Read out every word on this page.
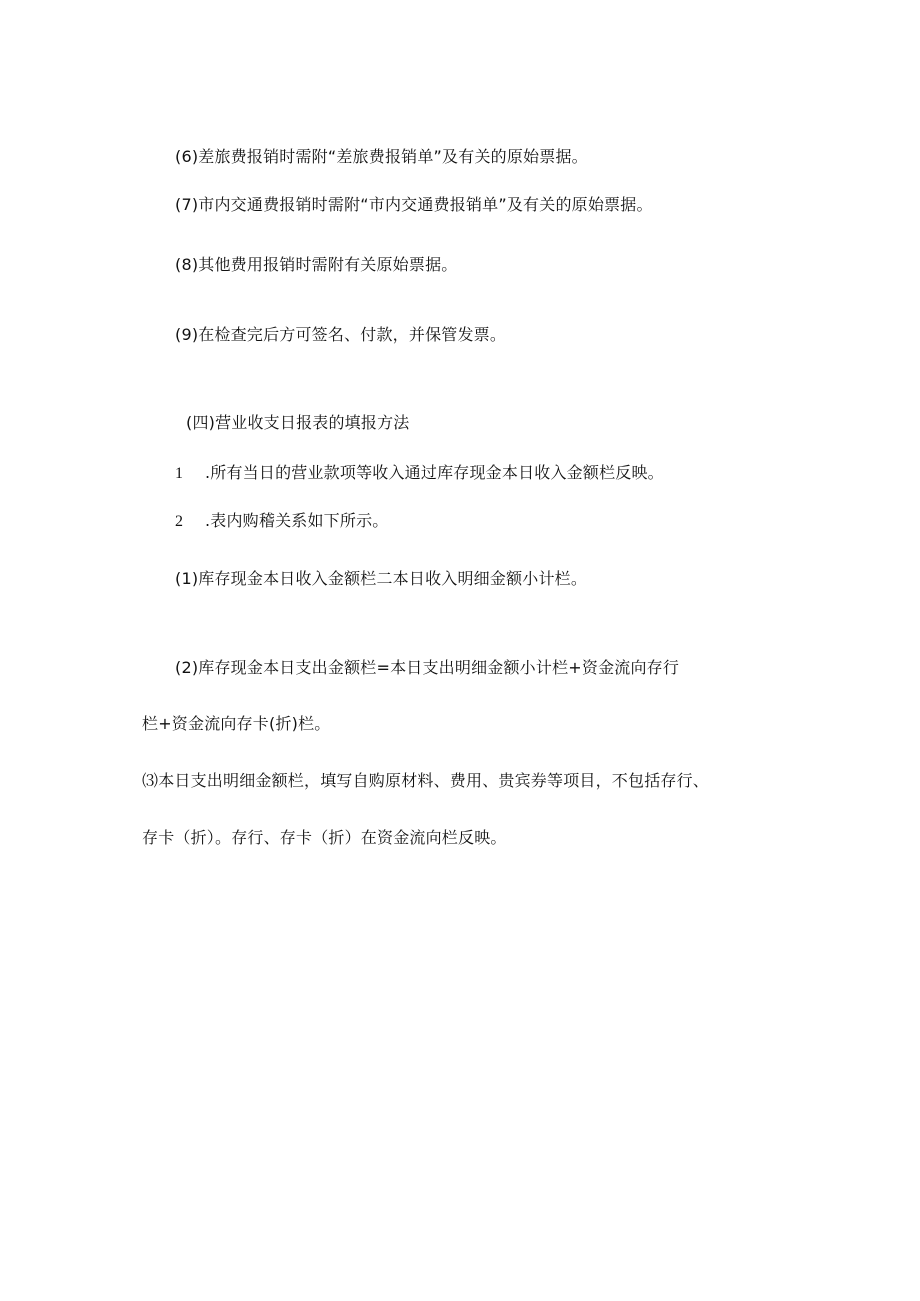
(6)差旅费报销时需附“差旅费报销单”及有关的原始票据。
(7)市内交通费报销时需附“市内交通费报销单”及有关的原始票据。
(8)其他费用报销时需附有关原始票据。
(9)在检查完后方可签名、付款，并保管发票。
(四)营业收支日报表的填报方法
1 .所有当日的营业款项等收入通过库存现金本日收入金额栏反映。
2 .表内购稽关系如下所示。
(1)库存现金本日收入金额栏二本日收入明细金额小计栏。
(2)库存现金本日支出金额栏=本日支出明细金额小计栏+资金流向存行
栏+资金流向存卡(折)栏。
⑶本日支出明细金额栏，填写自购原材料、费用、贵宾券等项目，不包括存行、
存卡（折）。存行、存卡（折）在资金流向栏反映。
